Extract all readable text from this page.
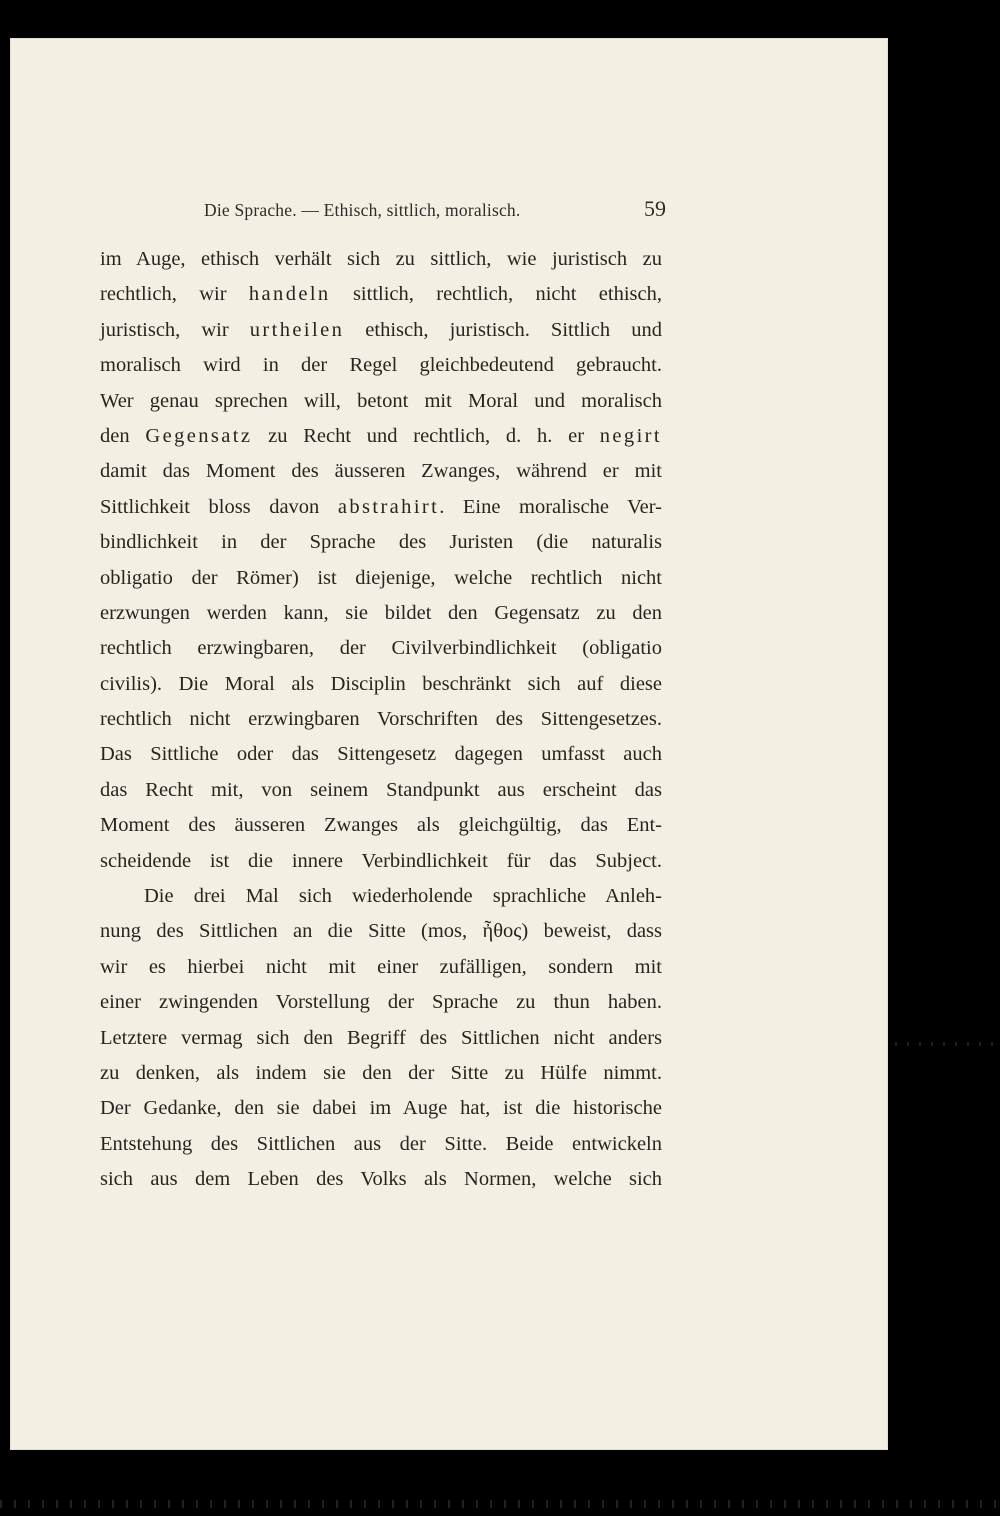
Die Sprache. — Ethisch, sittlich, moralisch.	59
im Auge, ethisch verhält sich zu sittlich, wie juristisch zu
rechtlich, wir handeln sittlich, rechtlich, nicht ethisch,
juristisch, wir urtheilen ethisch, juristisch. Sittlich und
moralisch wird in der Regel gleichbedeutend gebraucht.
Wer genau sprechen will, betont mit Moral und moralisch
den Gegensatz zu Recht und rechtlich, d. h. er negirt
damit das Moment des äusseren Zwanges, während er mit
Sittlichkeit bloss davon abstrahirt. Eine moralische Ver-
bindlichkeit in der Sprache des Juristen (die naturalis
obligatio der Römer) ist diejenige, welche rechtlich nicht
erzwungen werden kann, sie bildet den Gegensatz zu den
rechtlich erzwingbaren, der Civilverbindlichkeit (obligatio
civilis). Die Moral als Disciplin beschränkt sich auf diese
rechtlich nicht erzwingbaren Vorschriften des Sittengesetzes.
Das Sittliche oder das Sittengesetz dagegen umfasst auch
das Recht mit, von seinem Standpunkt aus erscheint das
Moment des äusseren Zwanges als gleichgültig, das Ent-
scheidende ist die innere Verbindlichkeit für das Subject.
Die drei Mal sich wiederholende sprachliche Anleh-
nung des Sittlichen an die Sitte (mos, ἦθος) beweist, dass
wir es hierbei nicht mit einer zufälligen, sondern mit
einer zwingenden Vorstellung der Sprache zu thun haben.
Letztere vermag sich den Begriff des Sittlichen nicht anders
zu denken, als indem sie den der Sitte zu Hülfe nimmt.
Der Gedanke, den sie dabei im Auge hat, ist die historische
Entstehung des Sittlichen aus der Sitte. Beide entwickeln
sich aus dem Leben des Volks als Normen, welche sich
